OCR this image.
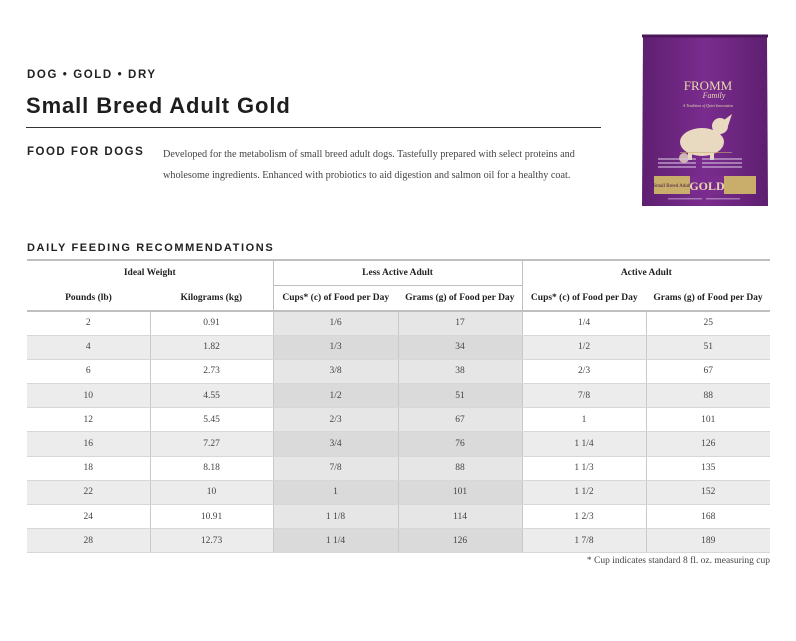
DOG • GOLD • DRY
Small Breed Adult Gold
FOOD FOR DOGS Developed for the metabolism of small breed adult dogs. Tastefully prepared with select proteins and wholesome ingredients. Enhanced with probiotics to aid digestion and salmon oil for a healthy coat.
FROMM
Family
A Tradition of Quiet Innovation
Small Breed Adult
GOLD
DAILY FEEDING RECOMMENDATIONS
Ideal Weight		Less Active Adult		Active Adult	
Pounds (lb)	Kilograms (kg)	Cups* (c) of Food per Day	Grams (g) of Food per Day	Cups* (c) of Food per Day	Grams (g) of Food per Day
2	0.91	1/6	17	1/4	25
4	1.82	1/3	34	1/2	51
6	2.73	3/8	38	2/3	67
10	4.55	1/2	51	7/8	88
12	5.45	2/3	67	1	101
16	7.27	3/4	76	1 1/4	126
18	8.18	7/8	88	1 1/3	135
22	10	1	101	1 1/2	152
24	10.91	1 1/8	114	1 2/3	168
28	12.73	1 1/4	126	1 7/8	189
* Cup indicates standard 8 fl. oz. measuring cup
